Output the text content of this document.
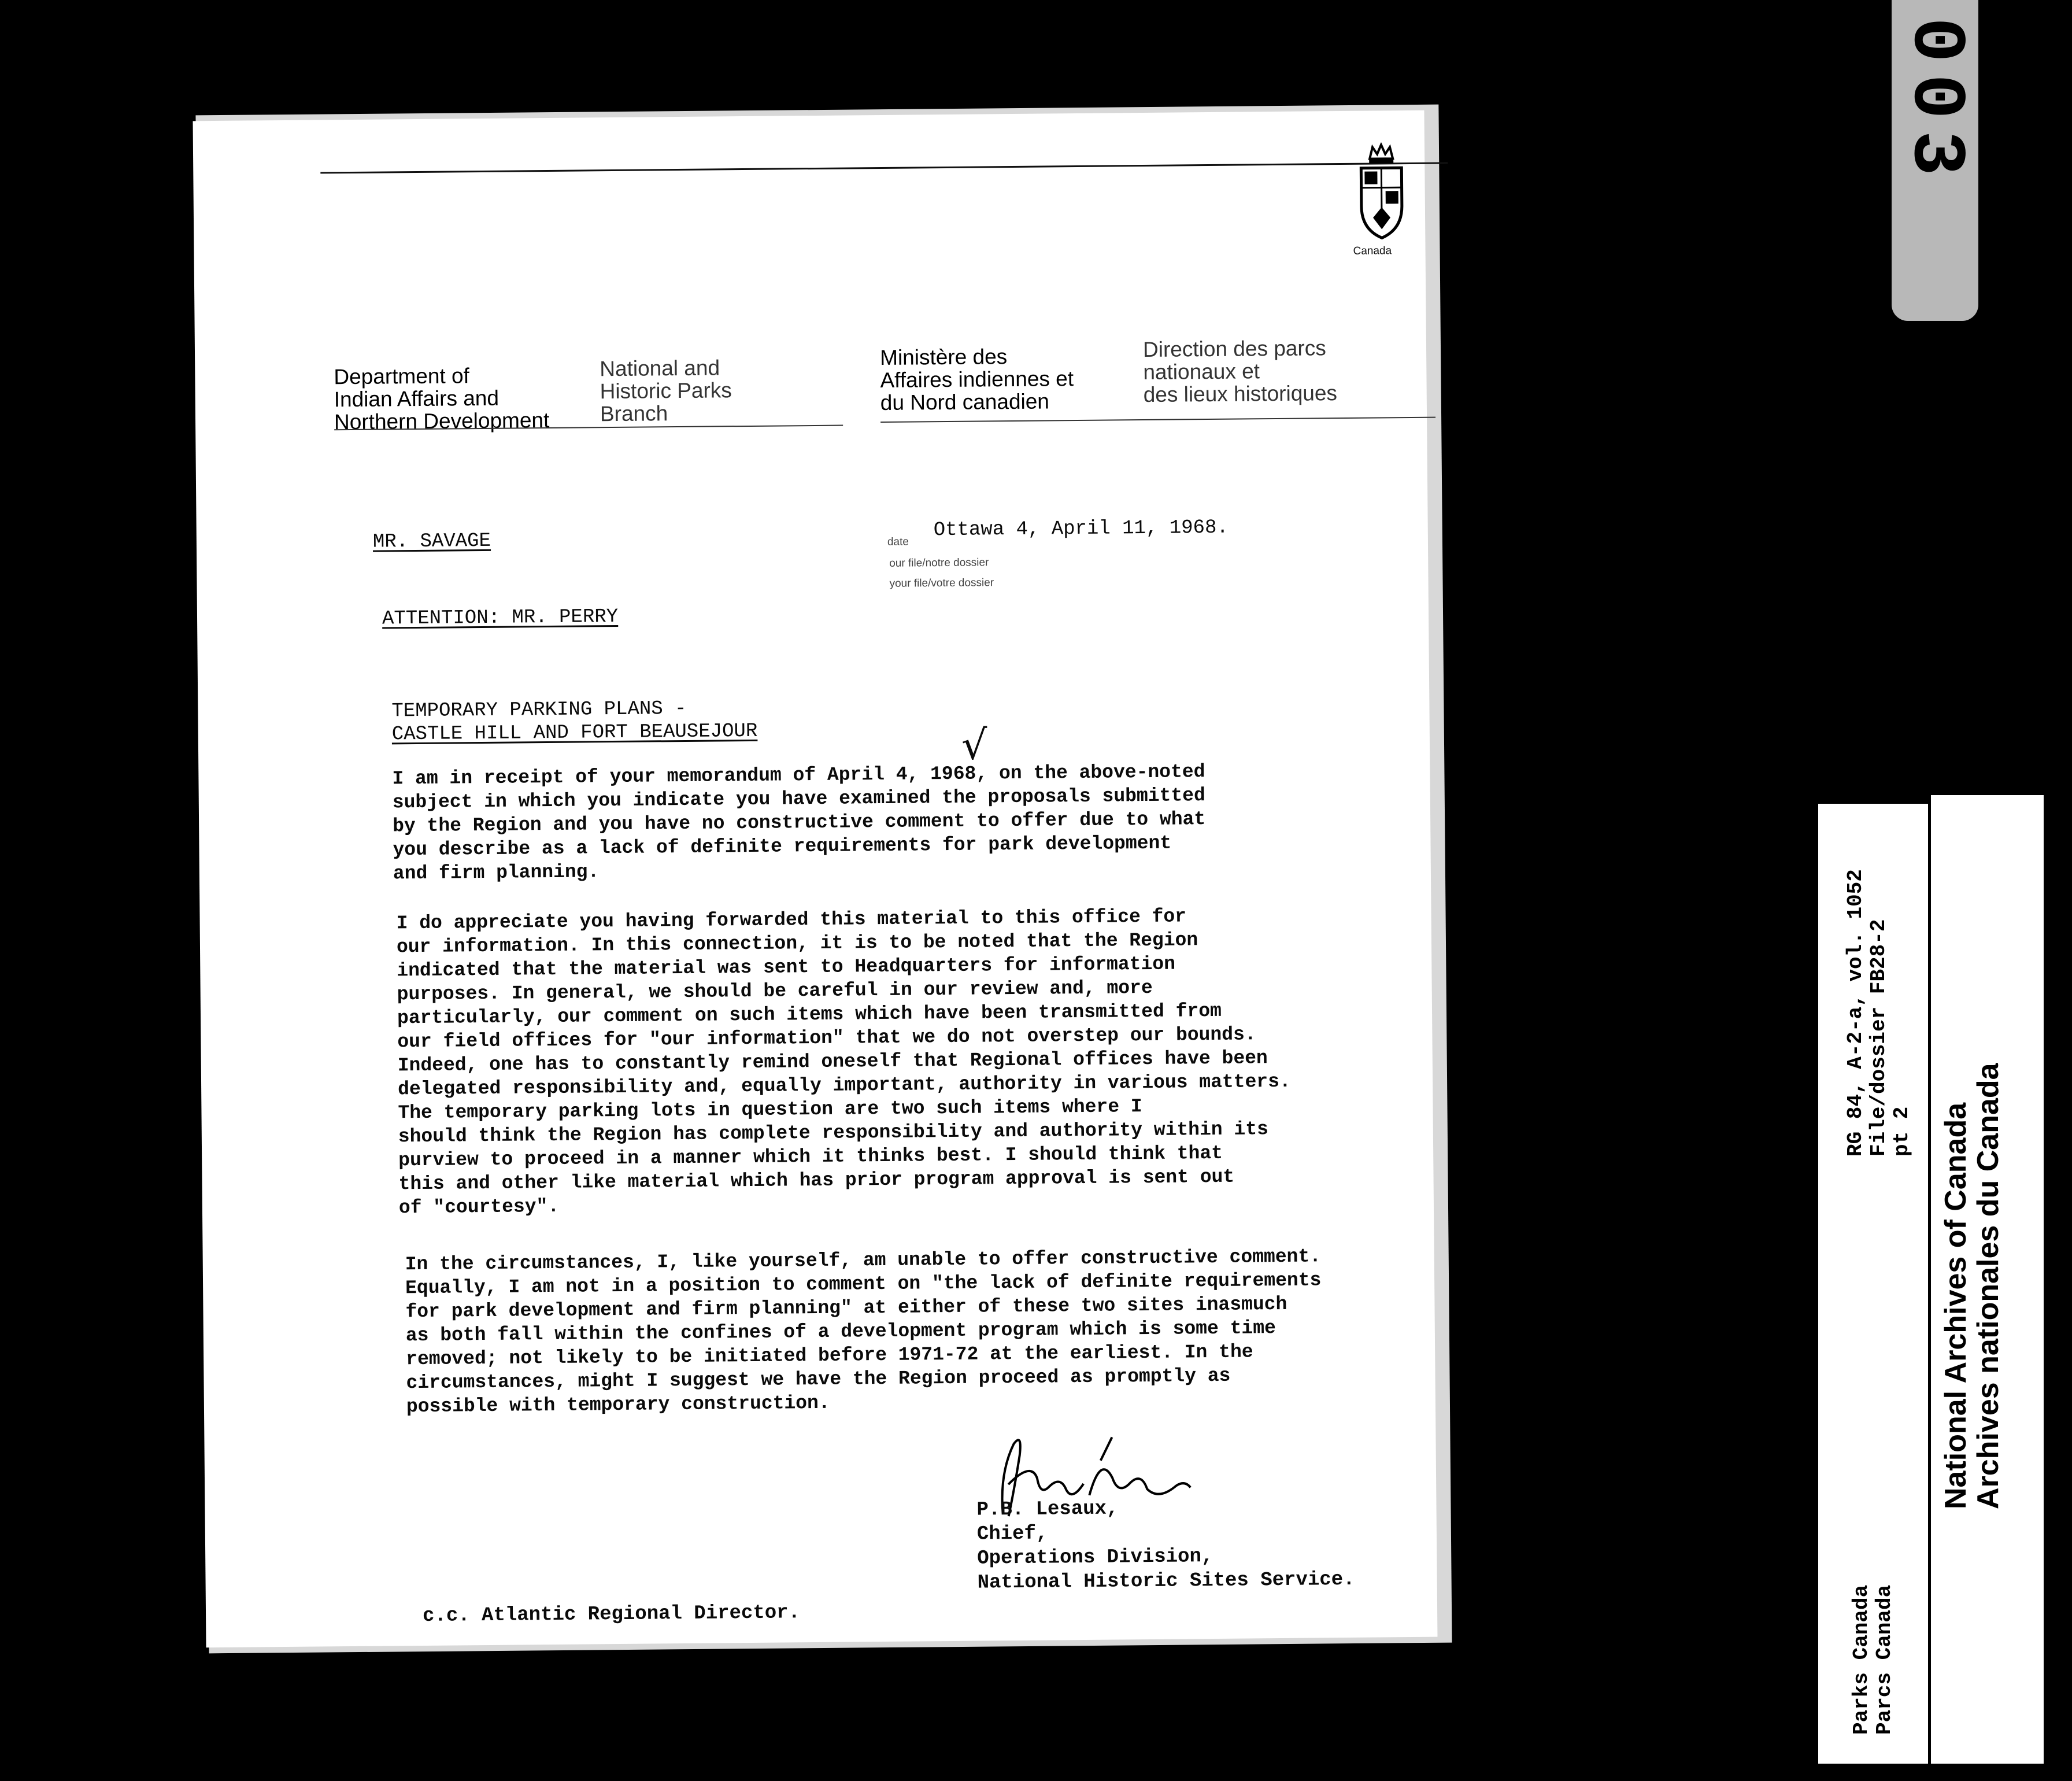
003
RG 84, A-2-a, vol. 1052 File/dossier FB28-2 pt 2
Parks Canada Parcs Canada
National Archives of Canada
Archives nationales du Canada
Canada
Department of
Indian Affairs and
Northern Development
National and
Historic Parks
Branch
Ministère des
Affaires indiennes et
du Nord canadien
Direction des parcs
nationaux et
des lieux historiques
MR. SAVAGE	date
Ottawa 4, April 11, 1968.
our file/notre dossier
your file/votre dossier
ATTENTION: MR. PERRY
TEMPORARY PARKING PLANS -
CASTLE HILL AND FORT BEAUSEJOUR	√
I am in receipt of your memorandum of April 4, 1968, on the above-noted
subject in which you indicate you have examined the proposals submitted
by the Region and you have no constructive comment to offer due to what
you describe as a lack of definite requirements for park development
and firm planning.
I do appreciate you having forwarded this material to this office for
our information. In this connection, it is to be noted that the Region
indicated that the material was sent to Headquarters for information
purposes. In general, we should be careful in our review and, more
particularly, our comment on such items which have been transmitted from
our field offices for "our information" that we do not overstep our bounds.
Indeed, one has to constantly remind oneself that Regional offices have been
delegated responsibility and, equally important, authority in various matters.
The temporary parking lots in question are two such items where I
should think the Region has complete responsibility and authority within its
purview to proceed in a manner which it thinks best. I should think that
this and other like material which has prior program approval is sent out
of "courtesy".
In the circumstances, I, like yourself, am unable to offer constructive comment.
Equally, I am not in a position to comment on "the lack of definite requirements
for park development and firm planning" at either of these two sites inasmuch
as both fall within the confines of a development program which is some time
removed; not likely to be initiated before 1971-72 at the earliest. In the
circumstances, might I suggest we have the Region proceed as promptly as
possible with temporary construction.
P.B. Lesaux,
Chief,
Operations Division,
National Historic Sites Service.
c.c. Atlantic Regional Director.
